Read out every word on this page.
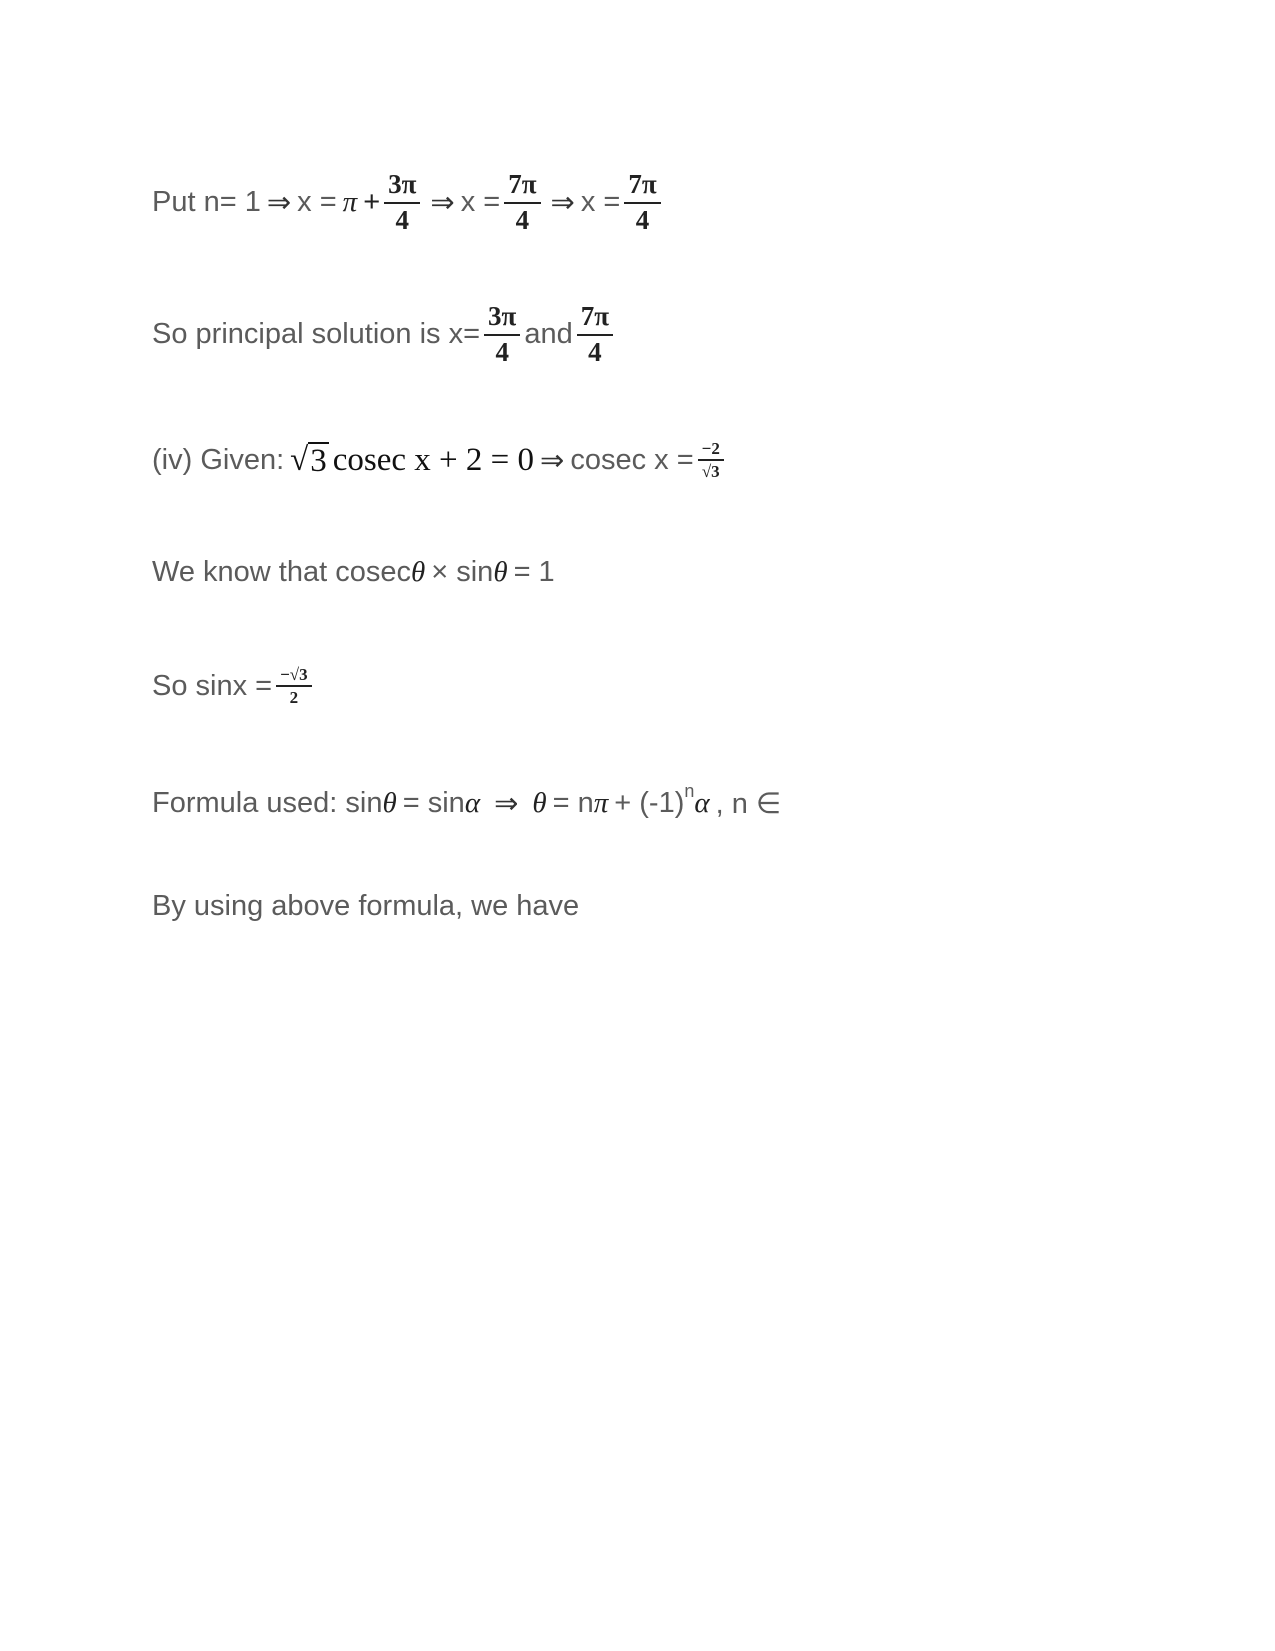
Put n= 1 ⇒ $x = \pi + \frac{3\pi}{4}$ ⇒ $x = \frac{7\pi}{4}$ ⇒ $x = \frac{7\pi}{4}$
So principal solution is $x= \frac{3\pi}{4}$ and $\frac{7\pi}{4}$
(iv) Given: √ 3 cosec x + 2 = 0 ⇒ cosec $x = \frac{-2}{√3}$
We know that cosec θ × sin θ = 1
So $\sin x = \frac{-√3}{2}$
Formula used: sin θ = sin α ⇒ θ = n π + (-1) n α , n ∈
By using above formula, we have
